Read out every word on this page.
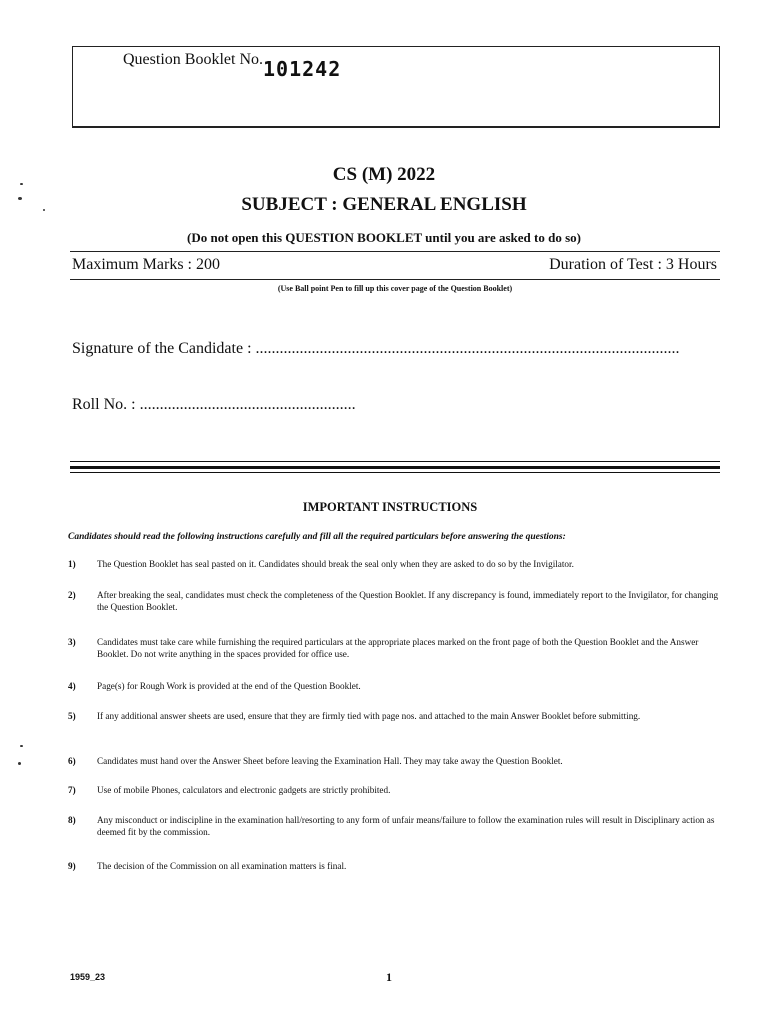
Question Booklet No. 101242
CS (M) 2022
SUBJECT : GENERAL ENGLISH
(Do not open this QUESTION BOOKLET until you are asked to do so)
Maximum Marks : 200	Duration of Test : 3 Hours
(Use Ball point Pen to fill up this cover page of the Question Booklet)
Signature of the Candidate : ..........................................................................................................
Roll No. : ......................................................
IMPORTANT INSTRUCTIONS
Candidates should read the following instructions carefully and fill all the required particulars before answering the questions:
1)	The Question Booklet has seal pasted on it. Candidates should break the seal only when they are asked to do so by the Invigilator.
2)	After breaking the seal, candidates must check the completeness of the Question Booklet. If any discrepancy is found, immediately report to the Invigilator, for changing the Question Booklet.
3)	Candidates must take care while furnishing the required particulars at the appropriate places marked on the front page of both the Question Booklet and the Answer Booklet. Do not write anything in the spaces provided for office use.
4)	Page(s) for Rough Work is provided at the end of the Question Booklet.
5)	If any additional answer sheets are used, ensure that they are firmly tied with page nos. and attached to the main Answer Booklet before submitting.
6)	Candidates must hand over the Answer Sheet before leaving the Examination Hall. They may take away the Question Booklet.
7)	Use of mobile Phones, calculators and electronic gadgets are strictly prohibited.
8)	Any misconduct or indiscipline in the examination hall/resorting to any form of unfair means/failure to follow the examination rules will result in Disciplinary action as deemed fit by the commission.
9)	The decision of the Commission on all examination matters is final.
1959_23	1
